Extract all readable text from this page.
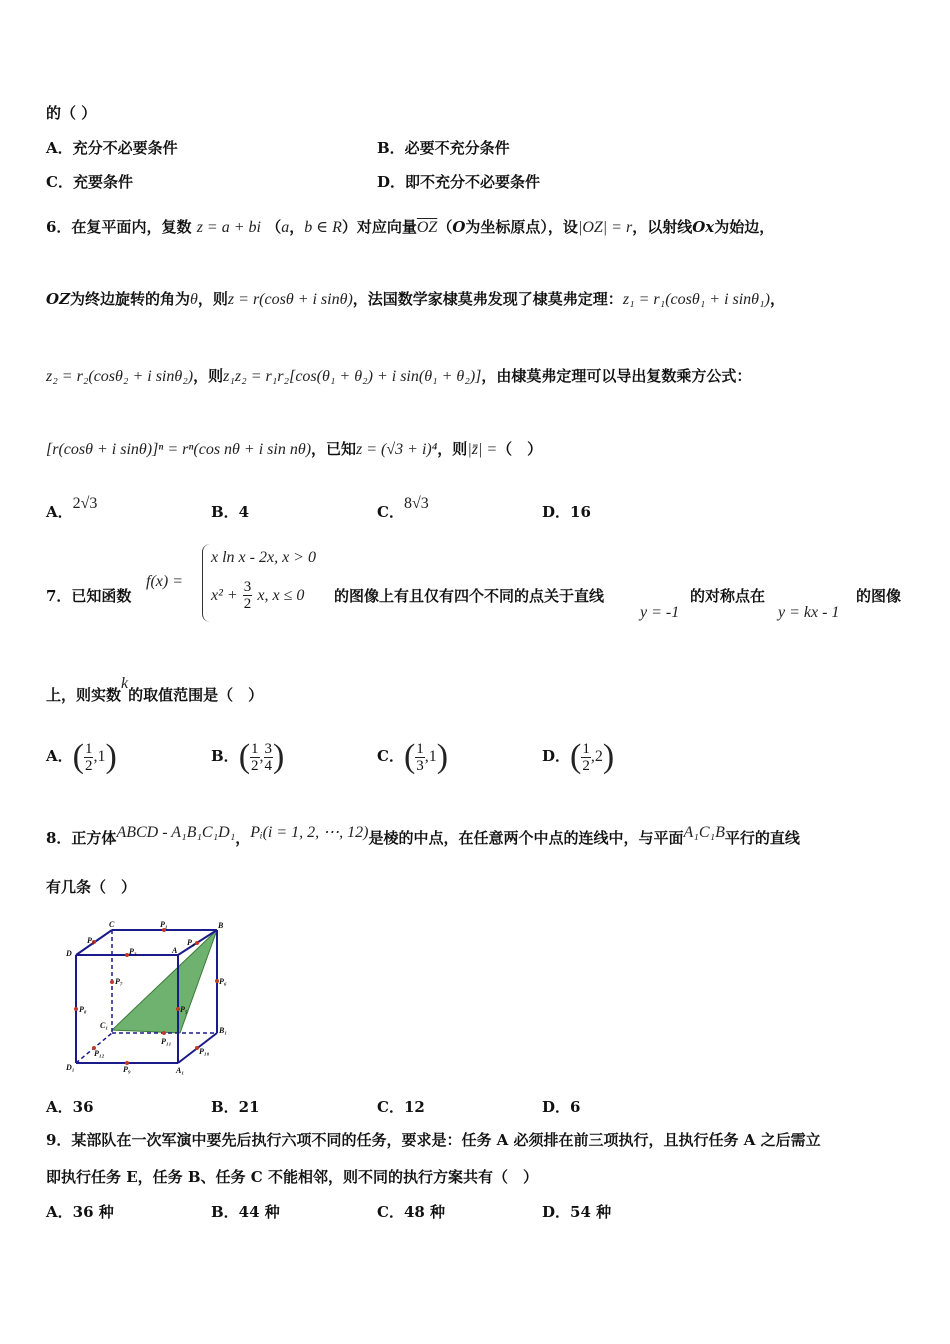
的（ ）
A．充分不必要条件	B．必要不充分条件
C．充要条件	D．即不充分不必要条件
6．在复平面内，复数 z = a + bi （a，b ∈ R）对应向量$\overline{OZ}(O$为坐标原点），设|OZ| = r，以射线Ox为始边，
OZ为终边旋转的角为θ，则z = r(cosθ + i sinθ)，法国数学家棣莫弗发现了棣莫弗定理：z₁ = r₁(cosθ₁ + i sinθ₁)，
z₂ = r₂(cosθ₂ + i sinθ₂)，则z₁z₂ = r₁r₂[cos(θ₁ + θ₂) + i sin(θ₁ + θ₂)]，由棣莫弗定理可以导出复数乘方公式：
[r(cosθ + i sinθ)]ⁿ = rⁿ(cos nθ + i sin nθ)，已知z = (√3 + i)⁴，则|z̄| =（　）
A．2√3	B．4	C．8√3	D．16
7．已知函数
f(x) =
x ln x - 2x, x > 0
$x^2 + \frac{3}{2} x$, x ≤ 0 的图像上有且仅有四个不同的点关于直线
y = -1
的对称点在
y = kx - 1
的图像
上，则实数k的取值范围是（　）
A．( $\frac{1}{2} ,1$)	B．( $\frac{1}{2}$ , $\frac{3}{4}$ )	C．( $\frac{1}{3} ,1$)	D．( $\frac{1}{2} ,2$)
8．正方体ABCD - A₁B₁C₁D₁，Pᵢ(i = 1, 2, ⋯, 12)是棱的中点，在任意两个中点的连线中，与平面A₁C₁B平行的直线
有几条（　）
C	P₁	B
D
P₂
P₃	A
P₄
P₅
P₆
P₇
P₈
P₉
C₁
B₁
P₁₀
P₁₁
P₁₂
D₁	A₁
A．36	B．21	C．12	D．6
9．某部队在一次军演中要先后执行六项不同的任务，要求是：任务 A 必须排在前三项执行，且执行任务 A 之后需立
即执行任务 E，任务 B、任务 C 不能相邻，则不同的执行方案共有（　）
A．36 种	B．44 种	C．48 种	D．54 种
